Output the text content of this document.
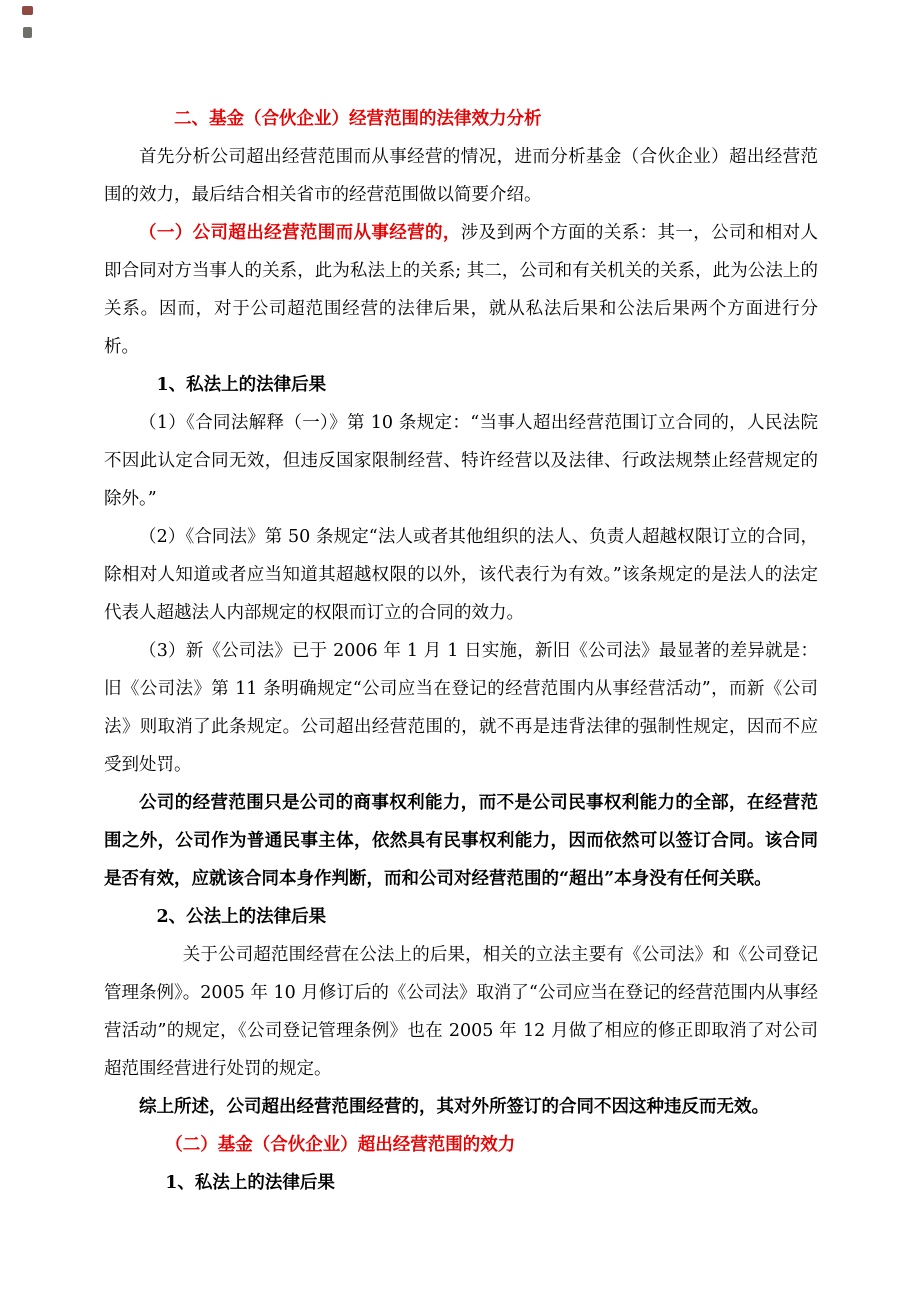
二、基金（合伙企业）经营范围的法律效力分析

首先分析公司超出经营范围而从事经营的情况，进而分析基金（合伙企业）超出经营范围的效力，最后结合相关省市的经营范围做以简要介绍。

（一）公司超出经营范围而从事经营的，涉及到两个方面的关系：其一，公司和相对人即合同对方当事人的关系，此为私法上的关系; 其二，公司和有关机关的关系，此为公法上的关系。因而，对于公司超范围经营的法律后果，就从私法后果和公法后果两个方面进行分析。

1、私法上的法律后果

（1）《合同法解释（一）》第 10 条规定：“当事人超出经营范围订立合同的，人民法院不因此认定合同无效，但违反国家限制经营、特许经营以及法律、行政法规禁止经营规定的除外。”

（2）《合同法》第 50 条规定“法人或者其他组织的法人、负责人超越权限订立的合同，除相对人知道或者应当知道其超越权限的以外，该代表行为有效。”该条规定的是法人的法定代表人超越法人内部规定的权限而订立的合同的效力。

（3）新《公司法》已于 2006 年 1 月 1 日实施，新旧《公司法》最显著的差异就是：旧《公司法》第 11 条明确规定“公司应当在登记的经营范围内从事经营活动”，而新《公司法》则取消了此条规定。公司超出经营范围的，就不再是违背法律的强制性规定，因而不应受到处罚。

公司的经营范围只是公司的商事权利能力，而不是公司民事权利能力的全部，在经营范围之外，公司作为普通民事主体，依然具有民事权利能力，因而依然可以签订合同。该合同是否有效，应就该合同本身作判断，而和公司对经营范围的“超出”本身没有任何关联。

2、公法上的法律后果

关于公司超范围经营在公法上的后果，相关的立法主要有《公司法》和《公司登记管理条例》。2005 年 10 月修订后的《公司法》取消了“公司应当在登记的经营范围内从事经营活动”的规定，《公司登记管理条例》也在 2005 年 12 月做了相应的修正即取消了对公司超范围经营进行处罚的规定。

综上所述，公司超出经营范围经营的，其对外所签订的合同不因这种违反而无效。

（二）基金（合伙企业）超出经营范围的效力

1、私法上的法律后果
